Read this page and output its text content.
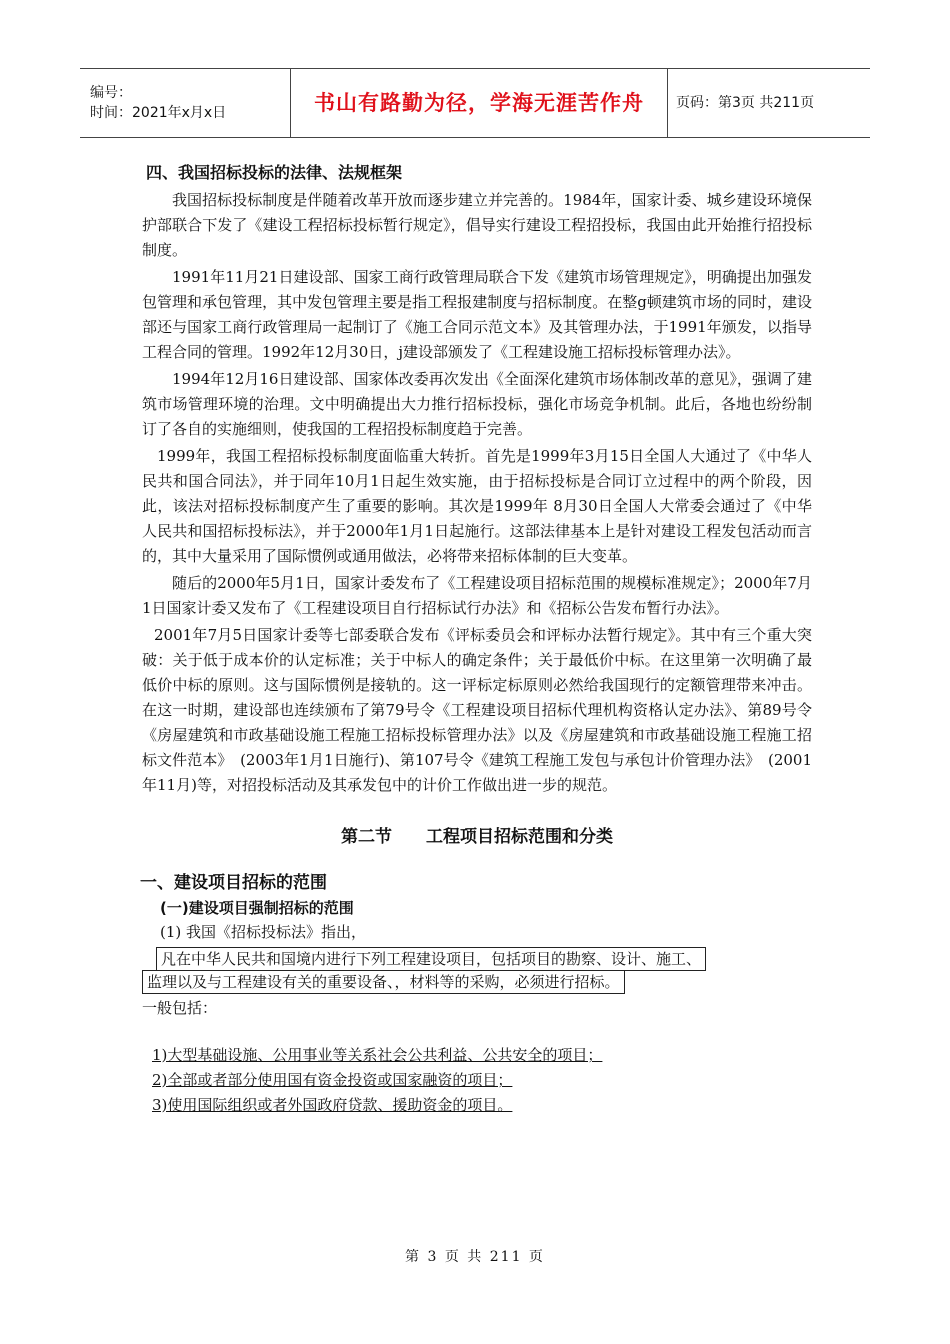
编号：
时间：2021年x月x日	书山有路勤为径，学海无涯苦作舟	页码：第3页 共211页
四、我国招标投标的法律、法规框架

我国招标投标制度是伴随着改革开放而逐步建立并完善的。1984年，国家计委、城乡建设环境保护部联合下发了《建设工程招标投标暂行规定》，倡导实行建设工程招投标，我国由此开始推行招投标制度。

1991年11月21日建设部、国家工商行政管理局联合下发《建筑市场管理规定》，明确提出加强发包管理和承包管理，其中发包管理主要是指工程报建制度与招标制度。在整g顿建筑市场的同时，建设部还与国家工商行政管理局一起制订了《施工合同示范文本》及其管理办法，于1991年颁发，以指导工程合同的管理。1992年12月30日，j建设部颁发了《工程建设施工招标投标管理办法》。

1994年12月16日建设部、国家体改委再次发出《全面深化建筑市场体制改革的意见》，强调了建筑市场管理环境的治理。文中明确提出大力推行招标投标，强化市场竞争机制。此后，各地也纷纷制订了各自的实施细则，使我国的工程招投标制度趋于完善。

1999年，我国工程招标投标制度面临重大转折。首先是1999年3月15日全国人大通过了《中华人民共和国合同法》，并于同年10月1日起生效实施，由于招标投标是合同订立过程中的两个阶段，因此，该法对招标投标制度产生了重要的影响。其次是1999年 8月30日全国人大常委会通过了《中华人民共和国招标投标法》，并于2000年1月1日起施行。这部法律基本上是针对建设工程发包活动而言的，其中大量采用了国际惯例或通用做法，必将带来招标体制的巨大变革。

随后的2000年5月1日，国家计委发布了《工程建设项目招标范围的规模标准规定》；2000年7月1日国家计委又发布了《工程建设项目自行招标试行办法》和《招标公告发布暂行办法》。

2001年7月5日国家计委等七部委联合发布《评标委员会和评标办法暂行规定》。其中有三个重大突破：关于低于成本价的认定标准；关于中标人的确定条件；关于最低价中标。在这里第一次明确了最低价中标的原则。这与国际惯例是接轨的。这一评标定标原则必然给我国现行的定额管理带来冲击。在这一时期，建设部也连续颁布了第79号令《工程建设项目招标代理机构资格认定办法》、第89号令《房屋建筑和市政基础设施工程施工招标投标管理办法》以及《房屋建筑和市政基础设施工程施工招标文件范本》　(2003年1月1日施行)、第107号令《建筑工程施工发包与承包计价管理办法》　(2001年11月)等，对招投标活动及其承发包中的计价工作做出进一步的规范。

第二节　　工程项目招标范围和分类
一、建设项目招标的范围
(一)建设项目强制招标的范围

(1) 我国《招标投标法》指出，

凡在中华人民共和国境内进行下列工程建设项目，包括项目的勘察、设计、施工、
监理以及与工程建设有关的重要设备、，材料等的采购，必须进行招标。

一般包括：

1)大型基础设施、公用事业等关系社会公共利益、公共安全的项目；
2)全部或者部分使用国有资金投资或国家融资的项目；
3)使用国际组织或者外国政府贷款、援助资金的项目。
第 3 页 共 211 页
